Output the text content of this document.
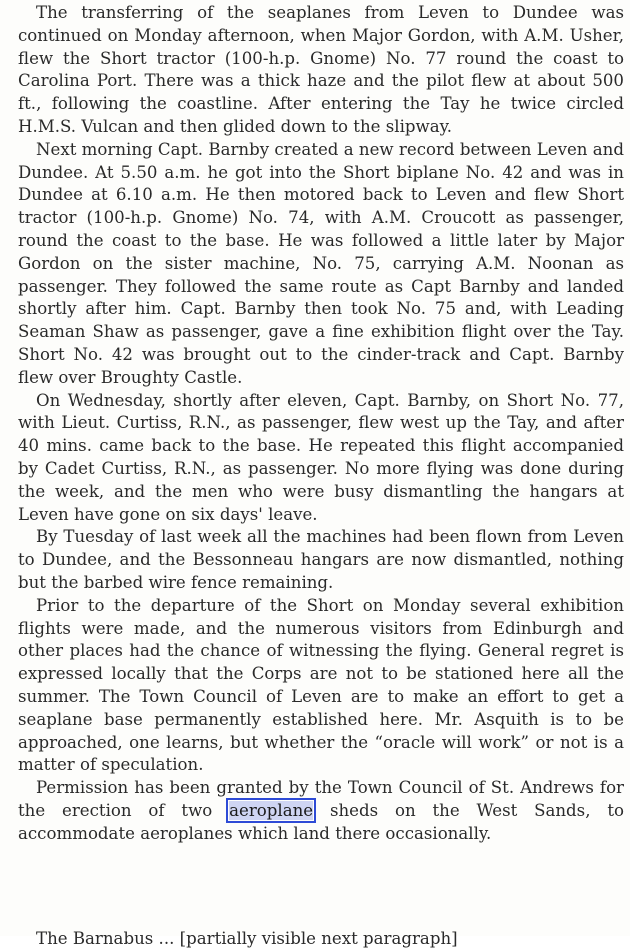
The transferring of the seaplanes from Leven to Dundee was continued on Monday afternoon, when Major Gordon, with A.M. Usher, flew the Short tractor (100-h.p. Gnome) No. 77 round the coast to Carolina Port. There was a thick haze and the pilot flew at about 500 ft., following the coastline. After entering the Tay he twice circled H.M.S. Vulcan and then glided down to the slipway.

Next morning Capt. Barnby created a new record between Leven and Dundee. At 5.50 a.m. he got into the Short biplane No. 42 and was in Dundee at 6.10 a.m. He then motored back to Leven and flew Short tractor (100-h.p. Gnome) No. 74, with A.M. Croucott as passenger, round the coast to the base. He was followed a little later by Major Gordon on the sister machine, No. 75, carrying A.M. Noonan as passenger. They followed the same route as Capt Barnby and landed shortly after him. Capt. Barnby then took No. 75 and, with Leading Seaman Shaw as passenger, gave a fine exhibition flight over the Tay. Short No. 42 was brought out to the cinder-track and Capt. Barnby flew over Broughty Castle.

On Wednesday, shortly after eleven, Capt. Barnby, on Short No. 77, with Lieut. Curtiss, R.N., as passenger, flew west up the Tay, and after 40 mins. came back to the base. He repeated this flight accompanied by Cadet Curtiss, R.N., as passenger. No more flying was done during the week, and the men who were busy dismantling the hangars at Leven have gone on six days' leave.

By Tuesday of last week all the machines had been flown from Leven to Dundee, and the Bessonneau hangars are now dismantled, nothing but the barbed wire fence remaining.

Prior to the departure of the Short on Monday several exhibition flights were made, and the numerous visitors from Edinburgh and other places had the chance of witnessing the flying. General regret is expressed locally that the Corps are not to be stationed here all the summer. The Town Council of Leven are to make an effort to get a seaplane base permanently established here. Mr. Asquith is to be approached, one learns, but whether the “oracle will work” or not is a matter of speculation.

Permission has been granted by the Town Council of St. Andrews for the erection of two aeroplane sheds on the West Sands, to accommodate aeroplanes which land there occasionally.

The Barnabus ... [partially visible next paragraph]
